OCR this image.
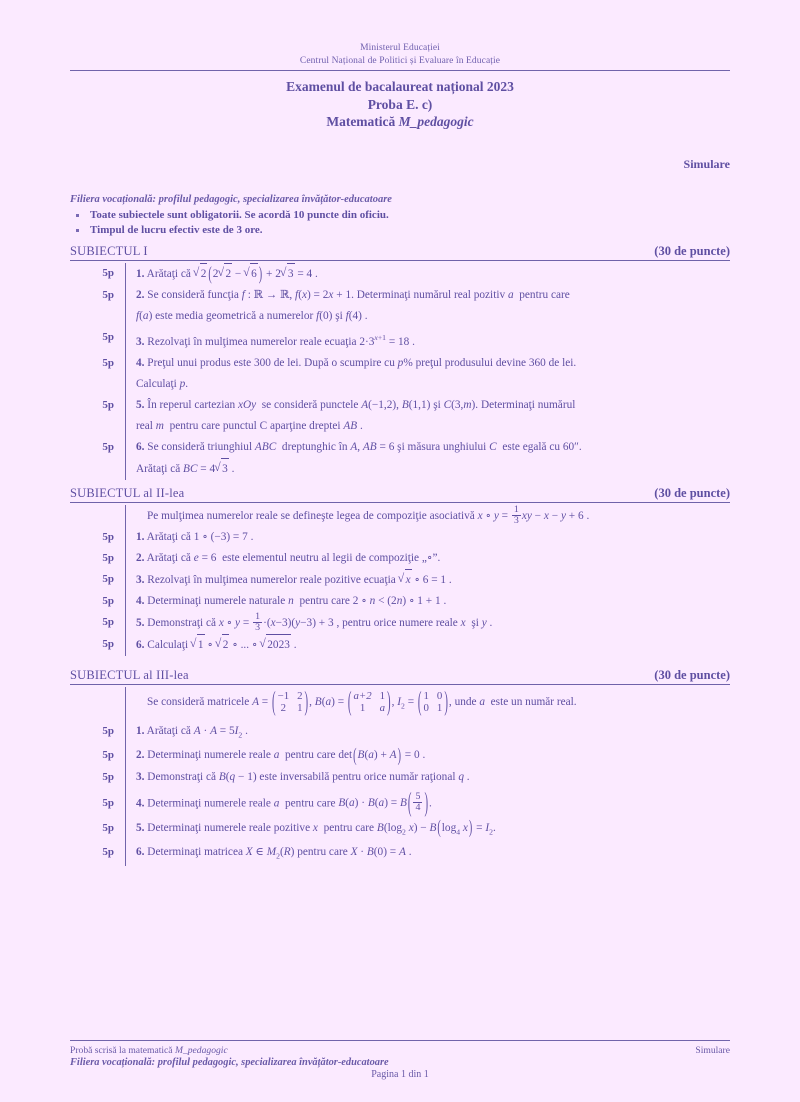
Ministerul Educației
Centrul Național de Politici și Evaluare în Educație
Examenul de bacalaureat național 2023
Proba E. c)
Matematică M_pedagogic
Simulare
Filiera vocațională: profilul pedagogic, specializarea învățător-educatoare
Toate subiectele sunt obligatorii. Se acordă 10 puncte din oficiu.
Timpul de lucru efectiv este de 3 ore.
SUBIECTUL I	(30 de puncte)
5p	1. Arătaţi că √ 2 (2 √ 2 − √ 6 ) + 2 √ 3 = 4 .
5p	2. Se consideră funcţia f : ℝ → ℝ, f(x) = 2x + 1. Determinaţi numărul real pozitiv a  pentru care
f(a) este media geometrică a numerelor f(0) şi f(4) .
5p	3. Rezolvaţi în mulţimea numerelor reale ecuaţia $2\cdot 3^{x+1} = 18$ .
5p	4. Preţul unui produs este 300 de lei. După o scumpire cu p% preţul produsului devine 360 de lei.
Calculaţi p.
5p	5. În reperul cartezian xOy  se consideră punctele A(−1,2), B(1,1) şi C(3,m). Determinaţi numărul
real m  pentru care punctul C aparţine dreptei AB .
5p	6. Se consideră triunghiul ABC  dreptunghic în A, AB = 6 şi măsura unghiului C  este egală cu 60″.
Arătaţi că BC = 4 √ 3 .
SUBIECTUL al II-lea	(30 de puncte)
Pe mulţimea numerelor reale se defineşte legea de compoziţie asociativă x ∘ $y = \frac{1}{3}$ xy − x − y + 6 .
5p	1. Arătaţi că 1 ∘ (−3) = 7 .
5p	2. Arătaţi că e = 6  este elementul neutru al legii de compoziţie „∘”.
5p	3. Rezolvaţi în mulţimea numerelor reale pozitive ecuaţia √ x ∘ 6 = 1 .
5p	4. Determinaţi numerele naturale n  pentru care 2 ∘ n < (2n) ∘ 1 + 1 .
5p	5. Demonstraţi că x ∘ $y = \frac{1}{3} \cdot(x-3)(y-3) + 3$ , pentru orice numere reale x  şi y .
5p	6. Calculaţi √ 1 ∘ √ 2 ∘ ... ∘ √ 2023 .
SUBIECTUL al III-lea	(30 de puncte)
Se consideră matricele A = ( −1 2
2 1 ) , B(a) = ( a+2 1
1	a ) , $I_2$ = ( 1 0
0 1 ) , unde a  este un număr real.
5p	1. Arătaţi că $A \cdot A = 5I_2$ .
5p	2. Determinaţi numerele reale a  pentru care det(B(a) + A) = 0 .
5p	3. Demonstraţi că B(q − 1) este inversabilă pentru orice număr raţional q .
5p	4. Determinaţi numerele reale a  pentru care $B(a) \cdot B(a) = B( \frac{5}{4}$ ).
5p	5. Determinaţi numerele reale pozitive x  pentru care $B(\log_2$ $x) - B(\log_4$ $x) = I_2$.
5p	6. Determinaţi matricea X ∈ $M_2(R)$ pentru care X · B(0) = A .
Probă scrisă la matematică M_pedagogic	Simulare
Filiera vocațională: profilul pedagogic, specializarea învățător-educatoare
Pagina 1 din 1
